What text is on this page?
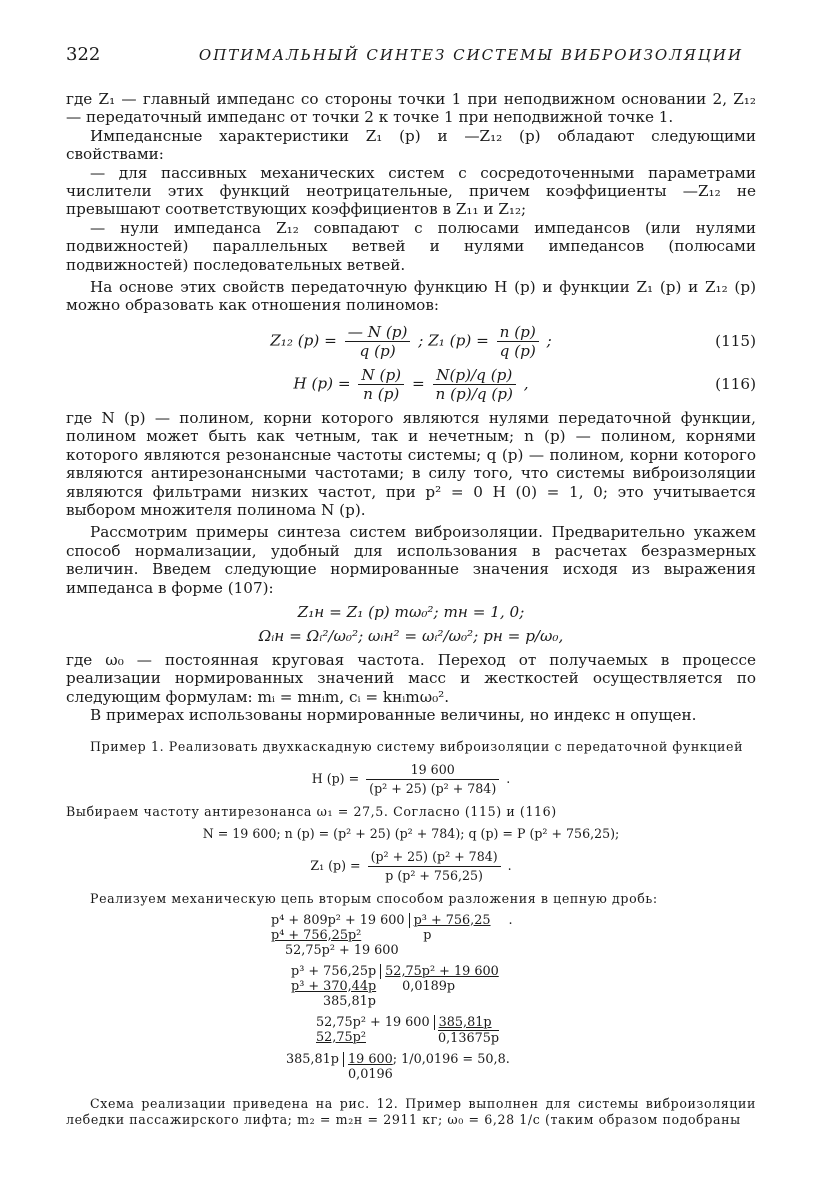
322	ОПТИМАЛЬНЫЙ СИНТЕЗ СИСТЕМЫ ВИБРОИЗОЛЯЦИИ

где Z₁ — главный импеданс со стороны точки 1 при неподвижном основании 2, Z₁₂ — передаточный импеданс от точки 2 к точке 1 при неподвижной точке 1.

Импедансные характеристики Z₁ (p) и —Z₁₂ (p) обладают следующими свойствами:

— для пассивных механических систем с сосредоточенными параметрами числители этих функций неотрицательные, причем коэффициенты —Z₁₂ не превышают соответствующих коэффициентов в Z₁₁ и Z₁₂;

— нули импеданса Z₁₂ совпадают с полюсами импедансов (или нулями подвижностей) параллельных ветвей и нулями импедансов (полюсами подвижностей) последовательных ветвей.

На основе этих свойств передаточную функцию H (p) и функции Z₁ (p) и Z₁₂ (p) можно образовать как отношения полиномов:

Z₁₂ $(p) = \frac{— N (p)}{q (p)}$ ; Z₁ $(p) = \frac{n (p)}{q (p)}$ ;	(115)
H $(p) = \frac{N (p)}{n (p)} = \frac{N(p)/q (p)}{n (p)/q (p)}$ ,	(116)

где N (p) — полином, корни которого являются нулями передаточной функции, полином может быть как четным, так и нечетным; n (p) — полином, корнями которого являются резонансные частоты системы; q (p) — полином, корни которого являются антирезонансными частотами; в силу того, что системы виброизоляции являются фильтрами низких частот, при p² = 0 H (0) = 1, 0; это учитывается выбором множителя полинома N (p).

Рассмотрим примеры синтеза систем виброизоляции. Предварительно укажем способ нормализации, удобный для использования в расчетах безразмерных величин. Введем следующие нормированные значения исходя из выражения импеданса в форме (107):

Z₁н = Z₁ (p) mω₀²; mн = 1, 0;
Ωᵢн = Ωᵢ²/ω₀²; ωᵢн² = ωᵢ²/ω₀²; pн = p/ω₀,

где ω₀ — постоянная круговая частота. Переход от получаемых в процессе реализации нормированных значений масс и жесткостей осуществляется по следующим формулам: mᵢ = mнᵢm, cᵢ = kнᵢmω₀².

В примерах использованы нормированные величины, но индекс н опущен.

Пример 1. Реализовать двухкаскадную систему виброизоляции с передаточной функцией

H $(p) = \frac{19 600}{\text{(p² + 25) (p² + 784)}}$ .

Выбираем частоту антирезонанса ω₁ = 27,5. Согласно (115) и (116)

N = 19 600; n (p) = (p² + 25) (p² + 784); q (p) = P (p² + 756,25);
Z₁ $(p) = \frac{\text{(p² + 25) (p² + 784)}}{\text{p (p² + 756,25)}}$ .

Реализуем механическую цепь вторым способом разложения в цепную дробь:

p⁴ + 809p² + 19 600 p³ + 756,25 .
p⁴ + 756,25p²	p
52,75p² + 19 600
p³ + 756,25p 52,75p² + 19 600
p³ + 370,44p 0,0189p
385,81p
52,75p² + 19 600 385,81p
52,75p²	0,13675p
385,81p 19 600; 1/0,0196 = 50,8.
0,0196

Схема реализации приведена на рис. 12. Пример выполнен для системы виброизоляции лебедки пассажирского лифта; m₂ = m₂н = 2911 кг; ω₀ = 6,28 1/с (таким образом подобраны
